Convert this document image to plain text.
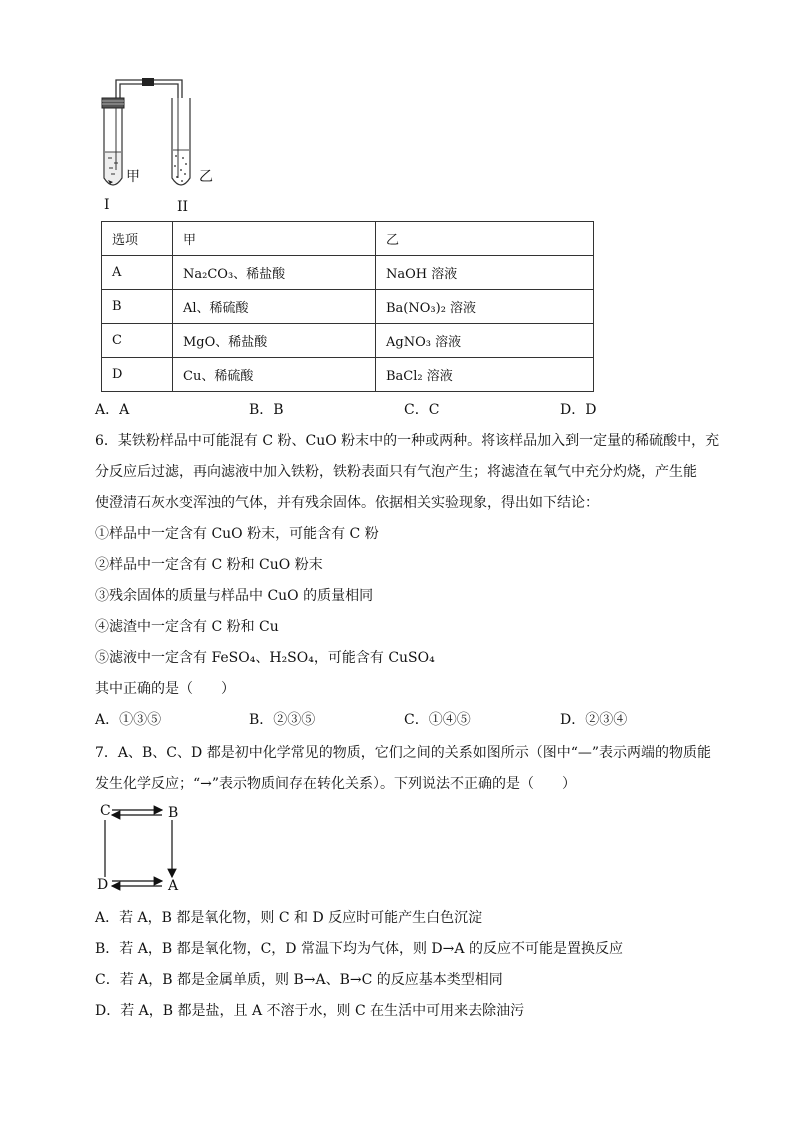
甲	乙
I	II
选项	甲	乙
A	Na₂CO₃、稀盐酸	NaOH 溶液
B	Al、稀硫酸	Ba(NO₃)₂ 溶液
C	MgO、稀盐酸	AgNO₃ 溶液
D	Cu、稀硫酸	BaCl₂ 溶液
A．A	B．B	C．C	D．D
6．某铁粉样品中可能混有 C 粉、CuO 粉末中的一种或两种。将该样品加入到一定量的稀硫酸中，充
分反应后过滤，再向滤液中加入铁粉，铁粉表面只有气泡产生；将滤渣在氧气中充分灼烧，产生能
使澄清石灰水变浑浊的气体，并有残余固体。依据相关实验现象，得出如下结论：
①样品中一定含有 CuO 粉末，可能含有 C 粉
②样品中一定含有 C 粉和 CuO 粉末
③残余固体的质量与样品中 CuO 的质量相同
④滤渣中一定含有 C 粉和 Cu
⑤滤液中一定含有 FeSO₄、H₂SO₄，可能含有 CuSO₄
其中正确的是（　　）
A．①③⑤	B．②③⑤	C．①④⑤	D．②③④
7．A、B、C、D 都是初中化学常见的物质，它们之间的关系如图所示（图中“—”表示两端的物质能
发生化学反应；“→”表示物质间存在转化关系）。下列说法不正确的是（　　）
C	B
D	A
A．若 A，B 都是氧化物，则 C 和 D 反应时可能产生白色沉淀
B．若 A，B 都是氧化物，C，D 常温下均为气体，则 D→A 的反应不可能是置换反应
C．若 A，B 都是金属单质，则 B→A、B→C 的反应基本类型相同
D．若 A，B 都是盐，且 A 不溶于水，则 C 在生活中可用来去除油污
